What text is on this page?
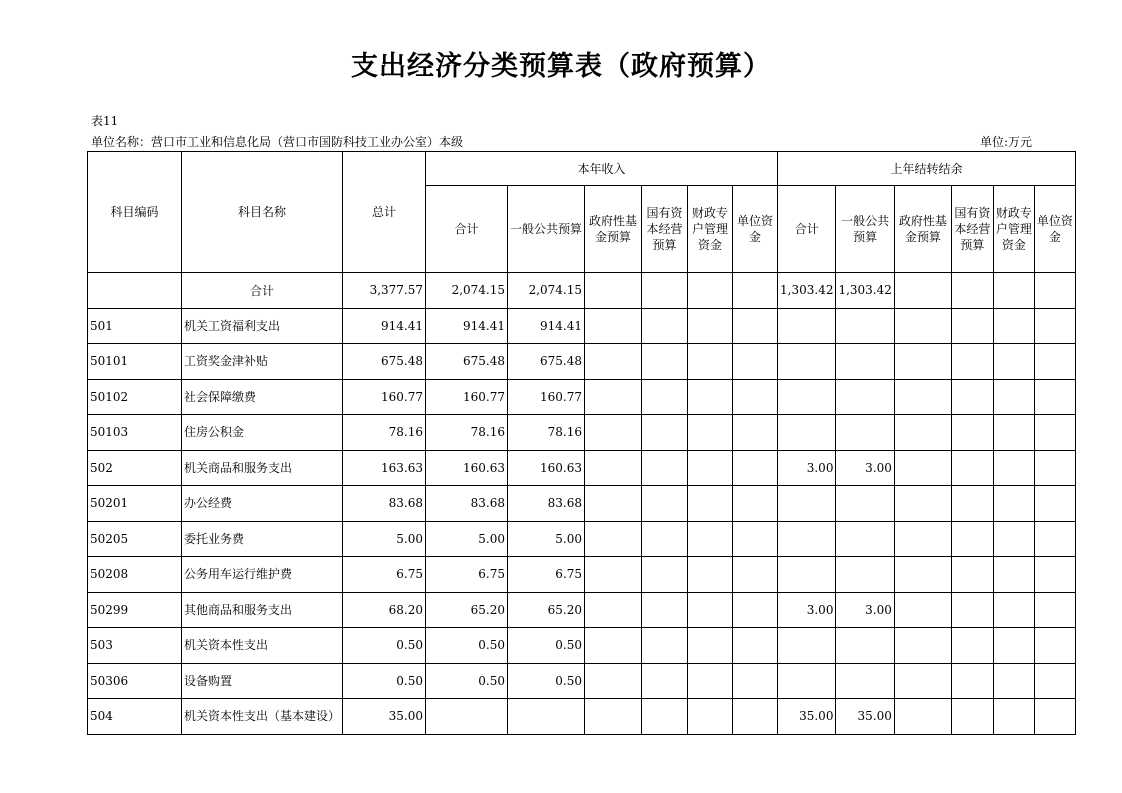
支出经济分类预算表（政府预算）
表11
单位名称：营口市工业和信息化局（营口市国防科技工业办公室）本级	单位:万元
科目编码	科目名称	总计	本年收入						上年结转结余					
			合计	一般公共预算	政府性基金预算	国有资本经营预算	财政专户管理资金	单位资金	合计	一般公共预算	政府性基金预算	国有资本经营预算	财政专户管理资金	单位资金
	合计	3,377.57	2,074.15	2,074.15					1,303.42	1,303.42				
501	机关工资福利支出	914.41	914.41	914.41										
50101	工资奖金津补贴	675.48	675.48	675.48										
50102	社会保障缴费	160.77	160.77	160.77										
50103	住房公积金	78.16	78.16	78.16										
502	机关商品和服务支出	163.63	160.63	160.63					3.00	3.00				
50201	办公经费	83.68	83.68	83.68										
50205	委托业务费	5.00	5.00	5.00										
50208	公务用车运行维护费	6.75	6.75	6.75										
50299	其他商品和服务支出	68.20	65.20	65.20					3.00	3.00				
503	机关资本性支出	0.50	0.50	0.50										
50306	设备购置	0.50	0.50	0.50										
504	机关资本性支出（基本建设）	35.00							35.00	35.00				
